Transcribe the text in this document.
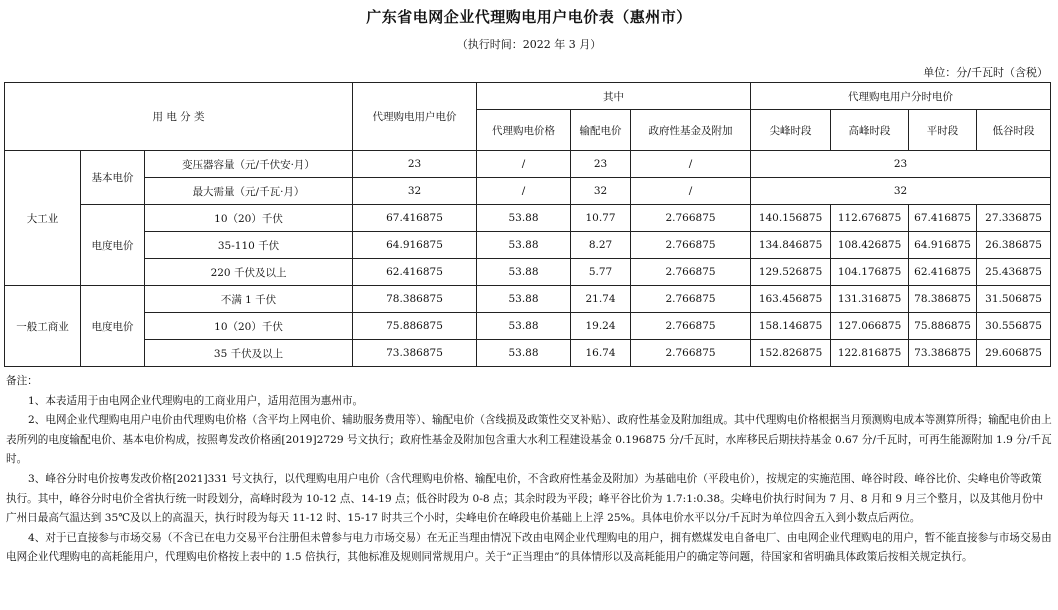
广东省电网企业代理购电用户电价表（惠州市）
（执行时间：2022 年 3 月）
单位：分/千瓦时（含税）
用 电 分 类			代理购电用户电价	其中			代理购电用户分时电价			
				代理购电价格	输配电价	政府性基金及附加	尖峰时段	高峰时段	平时段	低谷时段
大工业	基本电价	变压器容量（元/千伏安·月）	23	/	23	/	23			
		最大需量（元/千瓦·月）	32	/	32	/	32			
	电度电价	10（20）千伏	67.416875	53.88	10.77	2.766875	140.156875	112.676875	67.416875	27.336875
		35-110 千伏	64.916875	53.88	8.27	2.766875	134.846875	108.426875	64.916875	26.386875
		220 千伏及以上	62.416875	53.88	5.77	2.766875	129.526875	104.176875	62.416875	25.436875
一般工商业	电度电价	不满 1 千伏	78.386875	53.88	21.74	2.766875	163.456875	131.316875	78.386875	31.506875
		10（20）千伏	75.886875	53.88	19.24	2.766875	158.146875	127.066875	75.886875	30.556875
		35 千伏及以上	73.386875	53.88	16.74	2.766875	152.826875	122.816875	73.386875	29.606875

备注：

1、本表适用于由电网企业代理购电的工商业用户，适用范围为惠州市。

2、电网企业代理购电用户电价由代理购电价格（含平均上网电价、辅助服务费用等）、输配电价（含线损及政策性交叉补贴）、政府性基金及附加组成。其中代理购电价格根据当月预测购电成本等测算所得；输配电价由上表所列的电度输配电价、基本电价构成，按照粤发改价格函[2019]2729 号文执行；政府性基金及附加包含重大水利工程建设基金 0.196875 分/千瓦时，水库移民后期扶持基金 0.67 分/千瓦时，可再生能源附加 1.9 分/千瓦时。

3、峰谷分时电价按粤发改价格[2021]331 号文执行，以代理购电用户电价（含代理购电价格、输配电价，不含政府性基金及附加）为基础电价（平段电价），按规定的实施范围、峰谷时段、峰谷比价、尖峰电价等政策执行。其中，峰谷分时电价全省执行统一时段划分，高峰时段为 10-12 点、14-19 点；低谷时段为 0-8 点；其余时段为平段；峰平谷比价为 1.7:1:0.38。尖峰电价执行时间为 7 月、8 月和 9 月三个整月，以及其他月份中广州日最高气温达到 35℃及以上的高温天，执行时段为每天 11-12 时、15-17 时共三个小时，尖峰电价在峰段电价基础上上浮 25%。具体电价水平以分/千瓦时为单位四舍五入到小数点后两位。

4、对于已直接参与市场交易（不含已在电力交易平台注册但未曾参与电力市场交易）在无正当理由情况下改由电网企业代理购电的用户，拥有燃煤发电自备电厂、由电网企业代理购电的用户，暂不能直接参与市场交易由电网企业代理购电的高耗能用户，代理购电价格按上表中的 1.5 倍执行，其他标准及规则同常规用户。关于“正当理由”的具体情形以及高耗能用户的确定等问题，待国家和省明确具体政策后按相关规定执行。
